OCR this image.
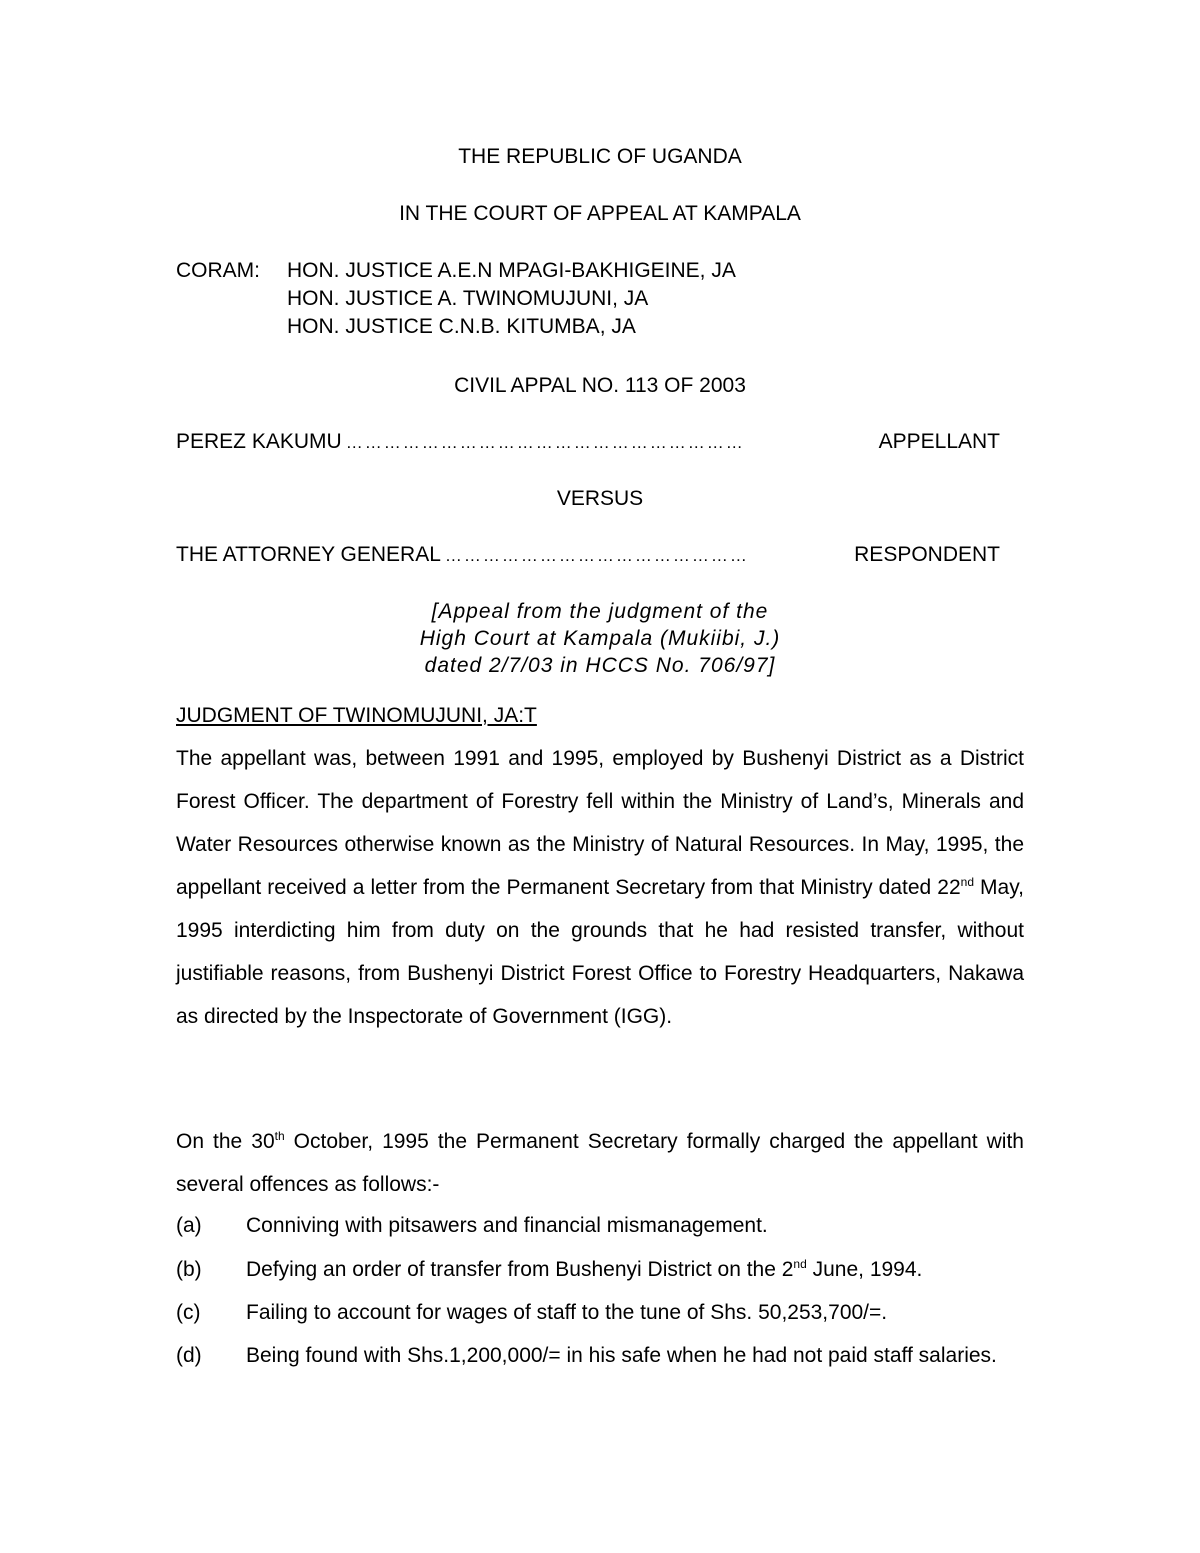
THE REPUBLIC OF UGANDA
IN THE COURT OF APPEAL AT KAMPALA
CORAM: HON. JUSTICE A.E.N MPAGI-BAKHIGEINE, JA
HON. JUSTICE A. TWINOMUJUNI, JA
HON. JUSTICE C.N.B. KITUMBA, JA
CIVIL APPAL NO. 113 OF 2003
PEREZ KAKUMU ………………………………………………………	APPELLANT
VERSUS
THE ATTORNEY GENERAL …………………………………………	RESPONDENT
[Appeal from the judgment of the
High Court at Kampala (Mukiibi, J.)
dated 2/7/03 in HCCS No. 706/97]
JUDGMENT OF TWINOMUJUNI, JA:T
The appellant was, between 1991 and 1995, employed by Bushenyi District as a District Forest Officer. The department of Forestry fell within the Ministry of Land’s, Minerals and Water Resources otherwise known as the Ministry of Natural Resources. In May, 1995, the appellant received a letter from the Permanent Secretary from that Ministry dated 22nd May, 1995 interdicting him from duty on the grounds that he had resisted transfer, without justifiable reasons, from Bushenyi District Forest Office to Forestry Headquarters, Nakawa as directed by the Inspectorate of Government (IGG).
On the 30th October, 1995 the Permanent Secretary formally charged the appellant with several offences as follows:-
(a) Conniving with pitsawers and financial mismanagement.
(b) Defying an order of transfer from Bushenyi District on the 2nd June, 1994.
(c) Failing to account for wages of staff to the tune of Shs. 50,253,700/=.
(d) Being found with Shs.1,200,000/= in his safe when he had not paid staff salaries.
